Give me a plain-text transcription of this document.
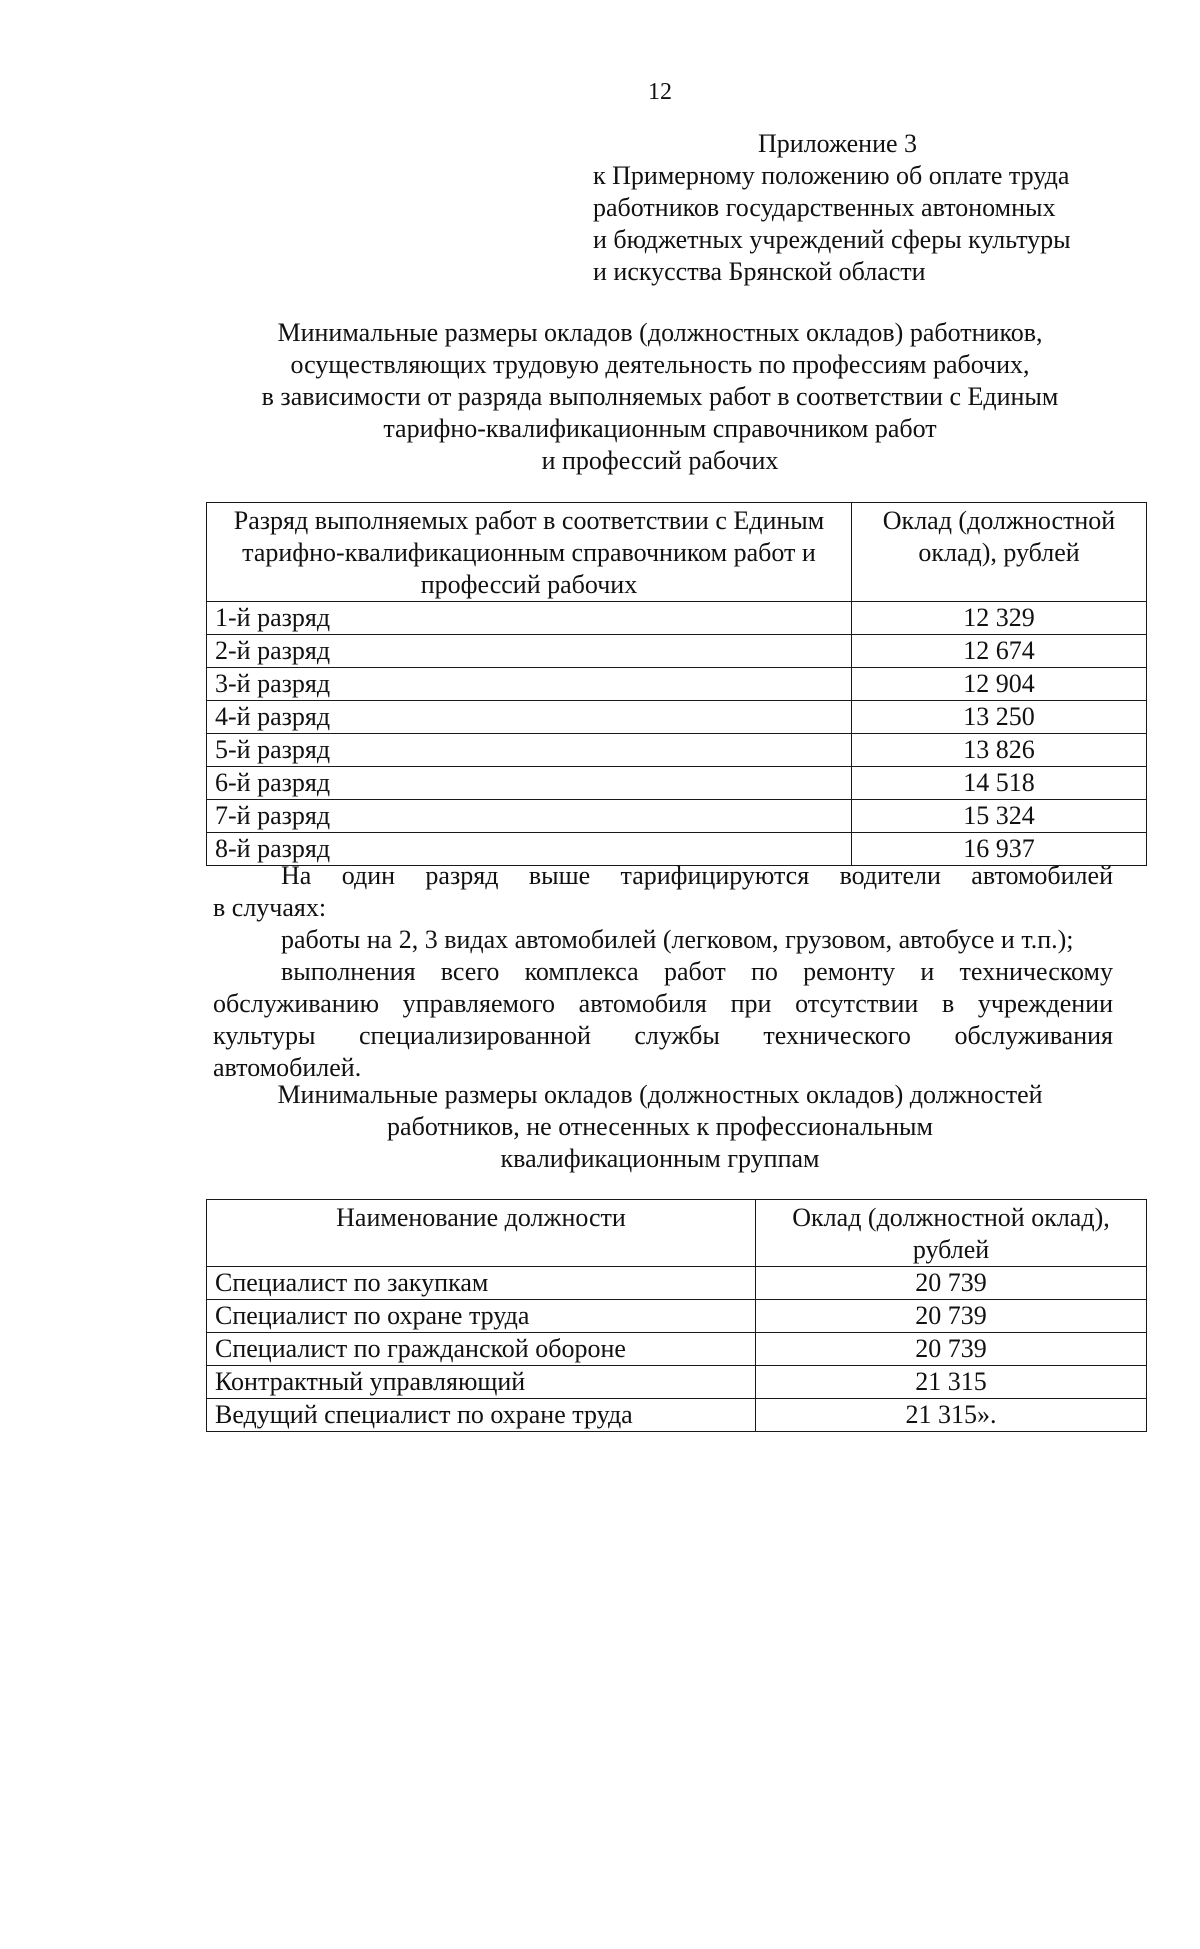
12
Приложение 3
к Примерному положению об оплате труда
работников государственных автономных
и бюджетных учреждений сферы культуры
и искусства Брянской области
Минимальные размеры окладов (должностных окладов) работников,
осуществляющих трудовую деятельность по профессиям рабочих,
в зависимости от разряда выполняемых работ в соответствии с Единым
тарифно-квалификационным справочником работ
и профессий рабочих
Разряд выполняемых работ в соответствии с Единым тарифно-квалификационным справочником работ и профессий рабочих	Оклад (должностной оклад), рублей
1-й разряд	12 329
2-й разряд	12 674
3-й разряд	12 904
4-й разряд	13 250
5-й разряд	13 826
6-й разряд	14 518
7-й разряд	15 324
8-й разряд	16 937

На один разряд выше тарифицируются водители автомобилей

в случаях:

работы на 2, 3 видах автомобилей (легковом, грузовом, автобусе и т.п.);

выполнения всего комплекса работ по ремонту и техническому обслуживанию управляемого автомобиля при отсутствии в учреждении культуры специализированной службы технического обслуживания автомобилей.

Минимальные размеры окладов (должностных окладов) должностей
работников, не отнесенных к профессиональным
квалификационным группам
Наименование должности	Оклад (должностной оклад), рублей
Специалист по закупкам	20 739
Специалист по охране труда	20 739
Специалист по гражданской обороне	20 739
Контрактный управляющий	21 315
Ведущий специалист по охране труда	21 315».
